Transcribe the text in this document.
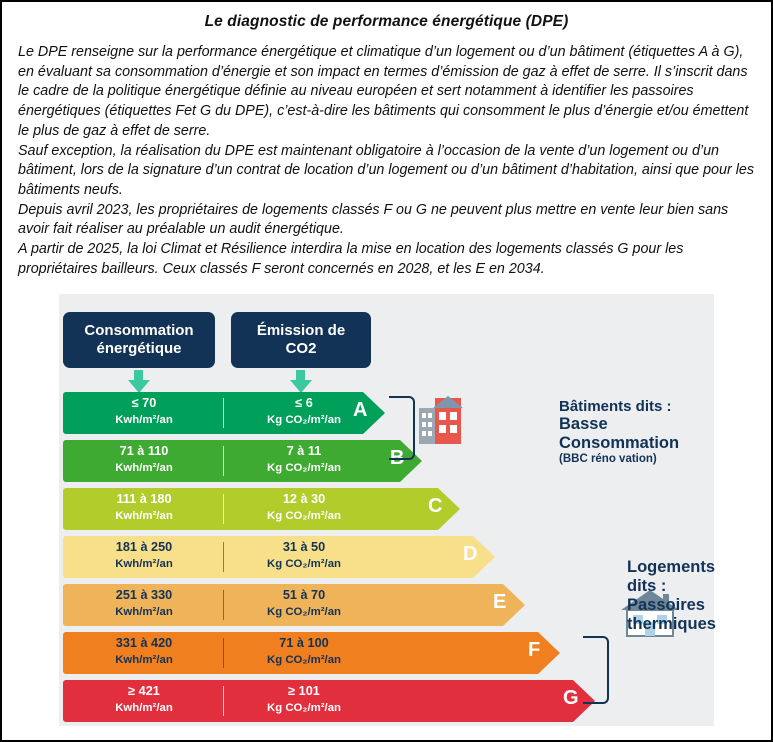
Le diagnostic de performance énergétique (DPE)

Le DPE renseigne sur la performance énergétique et climatique d’un logement ou d’un bâtiment (étiquettes A à G), en évaluant sa consommation d’énergie et son impact en termes d’émission de gaz à effet de serre. Il s’inscrit dans le cadre de la politique énergétique définie au niveau européen et sert notamment à identifier les passoires énergétiques (étiquettes Fet G du DPE), c’est-à-dire les bâtiments qui consomment le plus d’énergie et/ou émettent le plus de gaz à effet de serre.

Sauf exception, la réalisation du DPE est maintenant obligatoire à l’occasion de la vente d’un logement ou d’un bâtiment, lors de la signature d’un contrat de location d’un logement ou d’un bâtiment d’habitation, ainsi que pour les bâtiments neufs.

Depuis avril 2023, les propriétaires de logements classés F ou G ne peuvent plus mettre en vente leur bien sans avoir fait réaliser au préalable un audit énergétique.

A partir de 2025, la loi Climat et Résilience interdira la mise en location des logements classés G pour les propriétaires bailleurs. Ceux classés F seront concernés en 2028, et les E en 2034.

Consommation énergétique
Émission de CO2
≤ 70
Kwh/m²/an
≤ 6
Kg CO₂/m²/an A
71 à 110
Kwh/m²/an
7 à 11
Kg CO₂/m²/an	B
111 à 180
Kwh/m²/an
12 à 30
Kg CO₂/m²/an	C
181 à 250
Kwh/m²/an
31 à 50
Kg CO₂/m²/an	D
251 à 330
Kwh/m²/an
51 à 70
Kg CO₂/m²/an	E
331 à 420
Kwh/m²/an
71 à 100
Kg CO₂/m²/an	F
≥ 421
Kwh/m²/an
≥ 101
Kg CO₂/m²/an	G
Bâtiments dits :
Basse Consommation
(BBC réno vation)
Logements
dits : Passoires
thermiques
